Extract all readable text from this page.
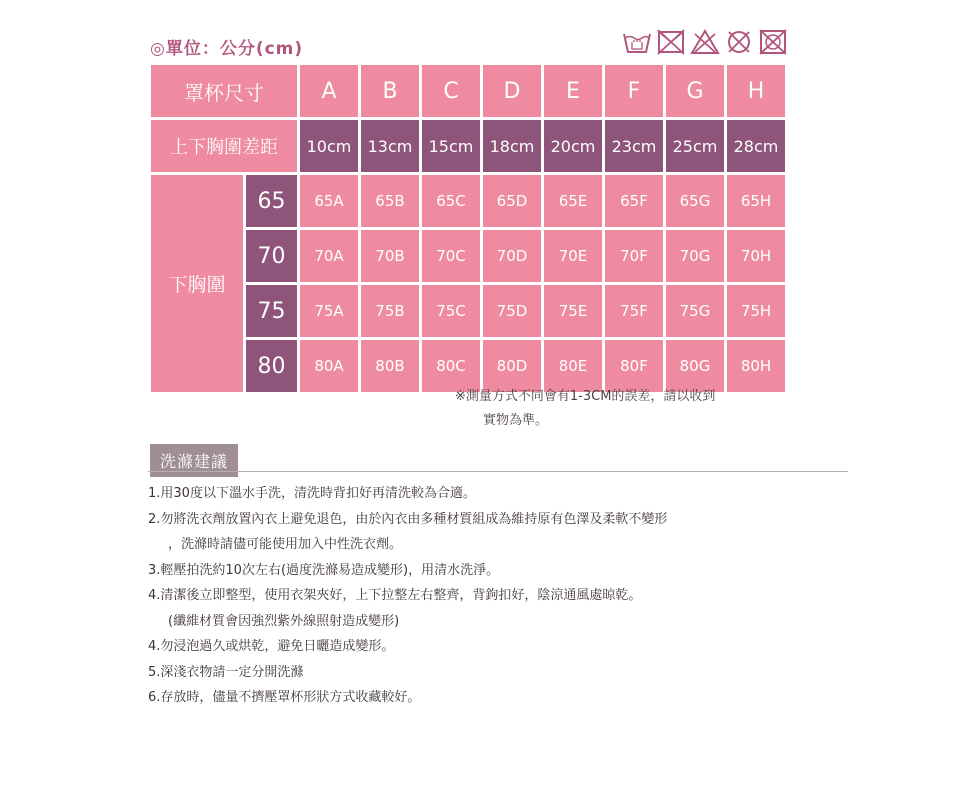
◎單位：公分(cm)
罩杯尺寸		A	B	C	D	E	F	G	H
上下胸圍差距		10cm	13cm	15cm	18cm	20cm	23cm	25cm	28cm
下胸圍	65	65A	65B	65C	65D	65E	65F	65G	65H
	70	70A	70B	70C	70D	70E	70F	70G	70H
	75	75A	75B	75C	75D	75E	75F	75G	75H
	80	80A	80B	80C	80D	80E	80F	80G	80H
※測量方式不同會有1-3CM的誤差，請以收到
實物為準。
洗滌建議
1.用30度以下溫水手洗，清洗時背扣好再清洗較為合適。
2.勿將洗衣劑放置內衣上避免退色，由於內衣由多種材質組成為維持原有色澤及柔軟不變形
，洗滌時請儘可能使用加入中性洗衣劑。
3.輕壓拍洗約10次左右(過度洗滌易造成變形)，用清水洗淨。
4.清潔後立即整型，使用衣架夾好，上下拉整左右整齊，背鉤扣好，陰涼通風處晾乾。
(纖維材質會因強烈紫外線照射造成變形)
4.勿浸泡過久或烘乾，避免日曬造成變形。
5.深淺衣物請一定分開洗滌
6.存放時，儘量不擠壓罩杯形狀方式收藏較好。
